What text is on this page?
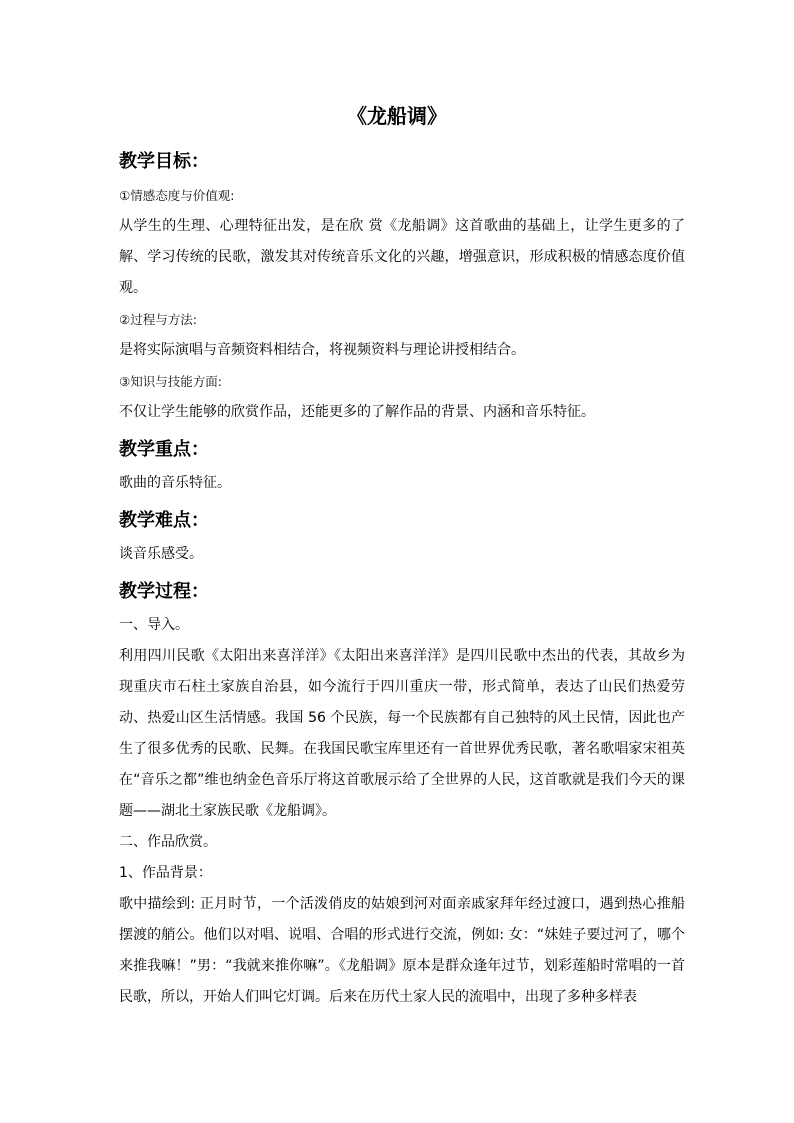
《龙船调》

教学目标：

①情感态度与价值观:

从学生的生理、心理特征出发，是在欣 赏《龙船调》这首歌曲的基础上，让学生更多的了解、学习传统的民歌，激发其对传统音乐文化的兴趣，增强意识，形成积极的情感态度价值观。

②过程与方法:

是将实际演唱与音频资料相结合，将视频资料与理论讲授相结合。

③知识与技能方面:

不仅让学生能够的欣赏作品，还能更多的了解作品的背景、内涵和音乐特征。

教学重点：

歌曲的音乐特征。

教学难点：

谈音乐感受。

教学过程：

一、导入。

利用四川民歌《太阳出来喜洋洋》《太阳出来喜洋洋》是四川民歌中杰出的代表，其故乡为现重庆市石柱土家族自治县，如今流行于四川重庆一带，形式简单，表达了山民们热爱劳动、热爱山区生活情感。我国 56 个民族，每一个民族都有自己独特的风土民情，因此也产生了很多优秀的民歌、民舞。在我国民歌宝库里还有一首世界优秀民歌，著名歌唱家宋祖英在“音乐之都”维也纳金色音乐厅将这首歌展示给了全世界的人民，这首歌就是我们今天的课题——湖北土家族民歌《龙船调》。

二、作品欣赏。

1、作品背景：

歌中描绘到: 正月时节，一个活泼俏皮的姑娘到河对面亲戚家拜年经过渡口，遇到热心推船摆渡的艄公。他们以对唱、说唱、合唱的形式进行交流，例如: 女：“妹娃子要过河了，哪个来推我嘛！”男：“我就来推你嘛”。《龙船调》原本是群众逢年过节，划彩莲船时常唱的一首民歌，所以，开始人们叫它灯调。后来在历代土家人民的流唱中，出现了多种多样表
